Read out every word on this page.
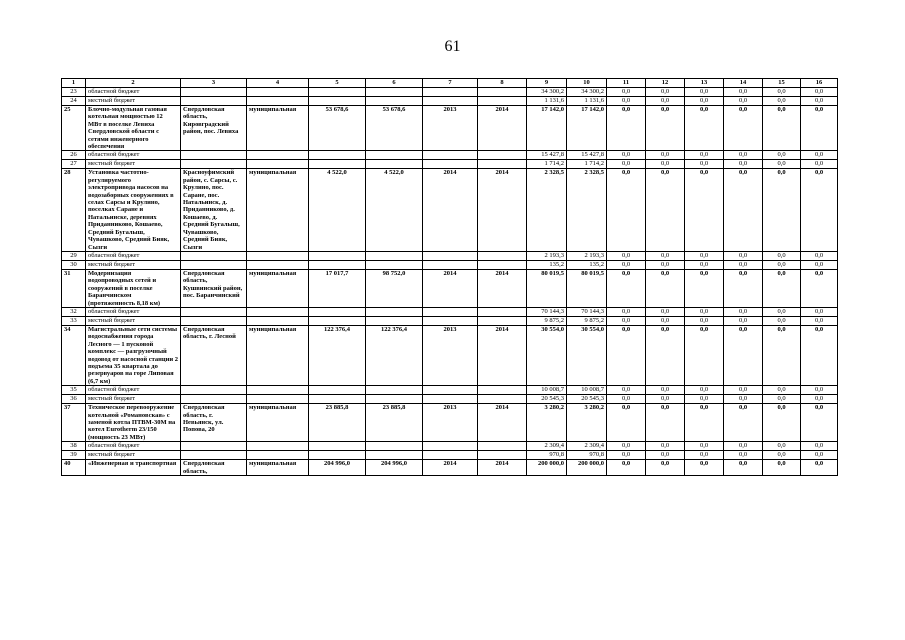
61
1	2	3	4	5	6	7	8	9	10	11	12	13	14	15	16
23	областной бюджет							34 300,2	34 300,2	0,0	0,0	0,0	0,0	0,0	0,0
24	местный бюджет							1 131,6	1 131,6	0,0	0,0	0,0	0,0	0,0	0,0
25	Блочно-модульная газовая котельная мощностью 12 МВт в поселке Левиха Свердловской области с сетями инженерного обеспечения	Свердловская область, Кировградский район, пос. Левиха	муниципальная	53 678,6	53 678,6	2013	2014	17 142,0	17 142,0	0,0	0,0	0,0	0,0	0,0	0,0
26	областной бюджет							15 427,8	15 427,8	0,0	0,0	0,0	0,0	0,0	0,0
27	местный бюджет							1 714,2	1 714,2	0,0	0,0	0,0	0,0	0,0	0,0
28	Установка частотно-регулируемого электропривода насосов на водозаборных сооружениях в селах Сарсы и Крулино, поселках Саране и Натальинске, деревнях Приданниково, Кошаево, Средний Бугалыш, Чувашково, Средний Бияк, Сызги	Красноуфимский район, с. Сарсы, с. Крулино, пос. Саране, пос. Натальинск, д. Приданниково, д. Кошаево, д. Средний Бугалыш, Чувашково, Средний Бияк, Сызги	муниципальная	4 522,0	4 522,0	2014	2014	2 328,5	2 328,5	0,0	0,0	0,0	0,0	0,0	0,0
29	областной бюджет							2 193,3	2 193,3	0,0	0,0	0,0	0,0	0,0	0,0
30	местный бюджет							135,2	135,2	0,0	0,0	0,0	0,0	0,0	0,0
31	Модернизация водопроводных сетей и сооружений в поселке Баранчинском (протяженность 8,18 км)	Свердловская область, Кушвинский район, пос. Баранчинский	муниципальная	17 017,7	98 752,0	2014	2014	80 019,5	80 019,5	0,0	0,0	0,0	0,0	0,0	0,0
32	областной бюджет							70 144,3	70 144,3	0,0	0,0	0,0	0,0	0,0	0,0
33	местный бюджет							9 875,2	9 875,2	0,0	0,0	0,0	0,0	0,0	0,0
34	Магистральные сети системы водоснабжения города Лесного — 1 пусковой комплекс — разгрузочный водовод от насосной станции 2 подъема 35 квартала до резервуаров на горе Липовая (6,7 км)	Свердловская область, г. Лесной	муниципальная	122 376,4	122 376,4	2013	2014	30 554,0	30 554,0	0,0	0,0	0,0	0,0	0,0	0,0
35	областной бюджет							10 008,7	10 008,7	0,0	0,0	0,0	0,0	0,0	0,0
36	местный бюджет							20 545,3	20 545,3	0,0	0,0	0,0	0,0	0,0	0,0
37	Техническое перевооружение котельной «Романовская» с заменой котла ПТВМ-30М на котел Eurotherm 23/150 (мощность 23 МВт)	Свердловская область, г. Невьянск, ул. Попова, 20	муниципальная	23 885,8	23 885,8	2013	2014	3 280,2	3 280,2	0,0	0,0	0,0	0,0	0,0	0,0
38	областной бюджет							2 309,4	2 309,4	0,0	0,0	0,0	0,0	0,0	0,0
39	местный бюджет							970,8	970,8	0,0	0,0	0,0	0,0	0,0	0,0
40	«Инженерная и транспортная	Свердловская область,	муниципальная	204 996,0	204 996,0	2014	2014	200 000,0	200 000,0	0,0	0,0	0,0	0,0	0,0	0,0
